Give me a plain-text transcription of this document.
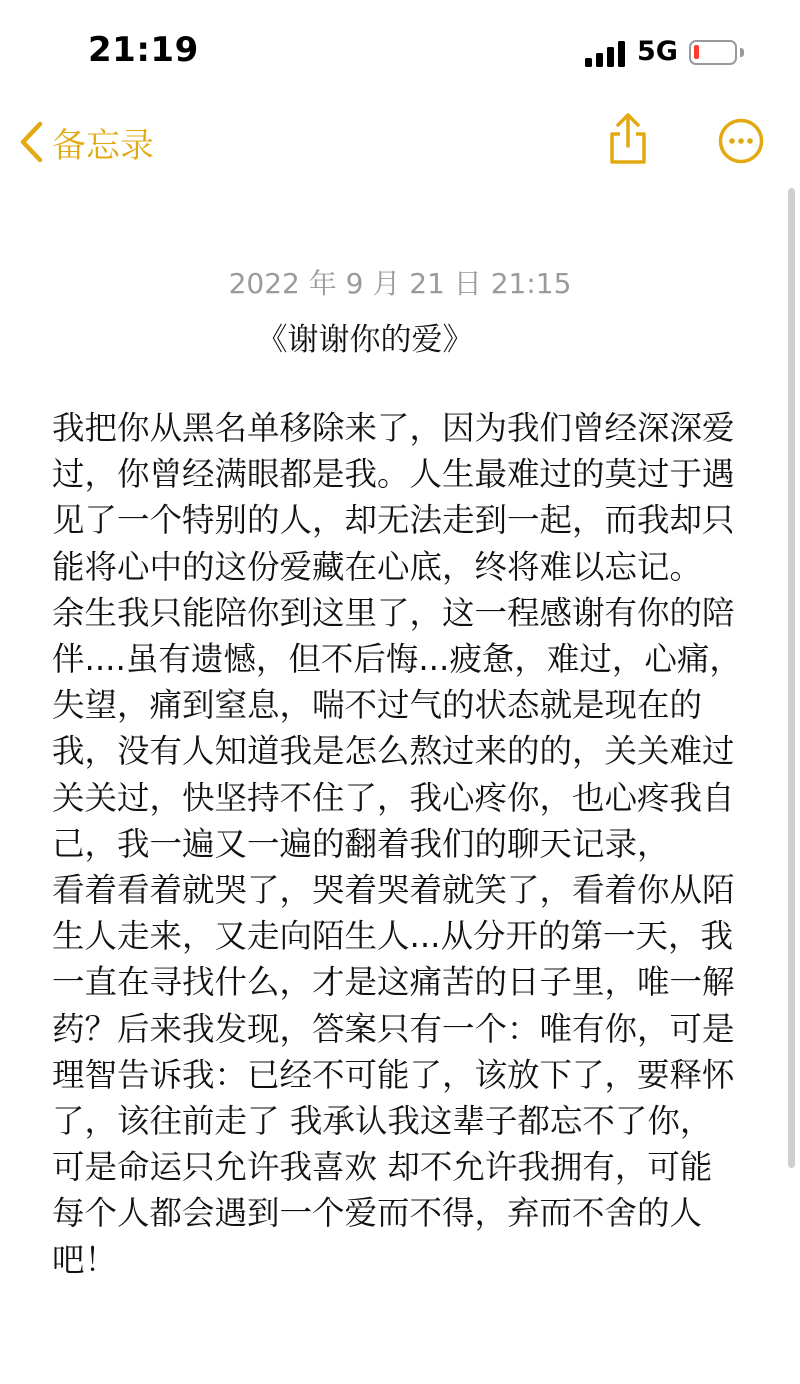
21:19	5G
备忘录
2022 年 9 月 21 日 21:15
《谢谢你的爱》
我把你从黑名单移除来了，因为我们曾经深深爱过，你曾经满眼都是我。人生最难过的莫过于遇见了一个特别的人，却无法走到一起，而我却只能将心中的这份爱藏在心底，终将难以忘记。
余生我只能陪你到这里了，这一程感谢有你的陪伴....虽有遗憾，但不后悔...疲惫，难过，心痛，失望，痛到窒息，喘不过气的状态就是现在的我，没有人知道我是怎么熬过来的的，关关难过关关过，快坚持不住了，我心疼你，也心疼我自己，我一遍又一遍的翻着我们的聊天记录，
看着看着就哭了，哭着哭着就笑了，看着你从陌生人走来，又走向陌生人...从分开的第一天，我一直在寻找什么，才是这痛苦的日子里，唯一解药？后来我发现，答案只有一个：唯有你，可是理智告诉我：已经不可能了，该放下了，要释怀了，该往前走了 我承认我这辈子都忘不了你，可是命运只允许我喜欢 却不允许我拥有，可能每个人都会遇到一个爱而不得，弃而不舍的人吧！
